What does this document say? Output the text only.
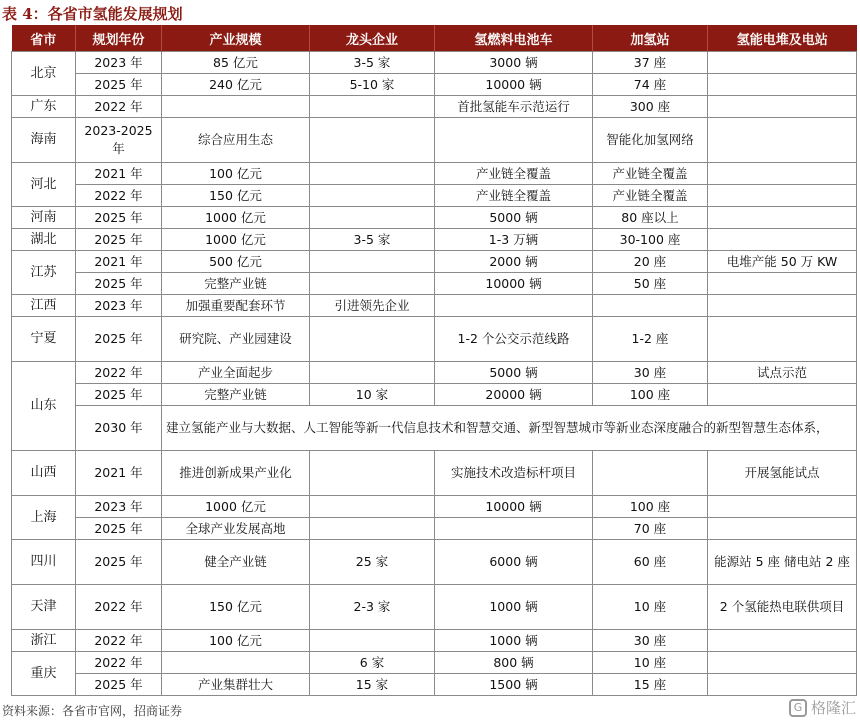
表 4：各省市氢能发展规划
省市	规划年份	产业规模	龙头企业	氢燃料电池车	加氢站	氢能电堆及电站
北京	2023 年	85 亿元	3-5 家	3000 辆	37 座	
	2025 年	240 亿元	5-10 家	10000 辆	74 座	
广东	2022 年			首批氢能车示范运行	300 座	
海南	2023-2025 年	综合应用生态			智能化加氢网络	
河北	2021 年	100 亿元		产业链全覆盖	产业链全覆盖	
	2022 年	150 亿元		产业链全覆盖	产业链全覆盖	
河南	2025 年	1000 亿元		5000 辆	80 座以上	
湖北	2025 年	1000 亿元	3-5 家	1-3 万辆	30-100 座	
江苏	2021 年	500 亿元		2000 辆	20 座	电堆产能 50 万 KW
	2025 年	完整产业链		10000 辆	50 座	
江西	2023 年	加强重要配套环节	引进领先企业			
宁夏	2025 年	研究院、产业园建设		1-2 个公交示范线路	1-2 座	
山东	2022 年	产业全面起步		5000 辆	30 座	试点示范
	2025 年	完整产业链	10 家	20000 辆	100 座	
	2030 年	建立氢能产业与大数据、人工智能等新一代信息技术和智慧交通、新型智慧城市等新业态深度融合的新型智慧生态体系，				
山西	2021 年	推进创新成果产业化		实施技术改造标杆项目		开展氢能试点
上海	2023 年	1000 亿元		10000 辆	100 座	
	2025 年	全球产业发展高地			70 座	
四川	2025 年	健全产业链	25 家	6000 辆	60 座	能源站 5 座 储电站 2 座
天津	2022 年	150 亿元	2-3 家	1000 辆	10 座	2 个氢能热电联供项目
浙江	2022 年	100 亿元		1000 辆	30 座	
重庆	2022 年		6 家	800 辆	10 座	
	2025 年	产业集群壮大	15 家	1500 辆	15 座	
资料来源：各省市官网，招商证券	G 格隆汇
